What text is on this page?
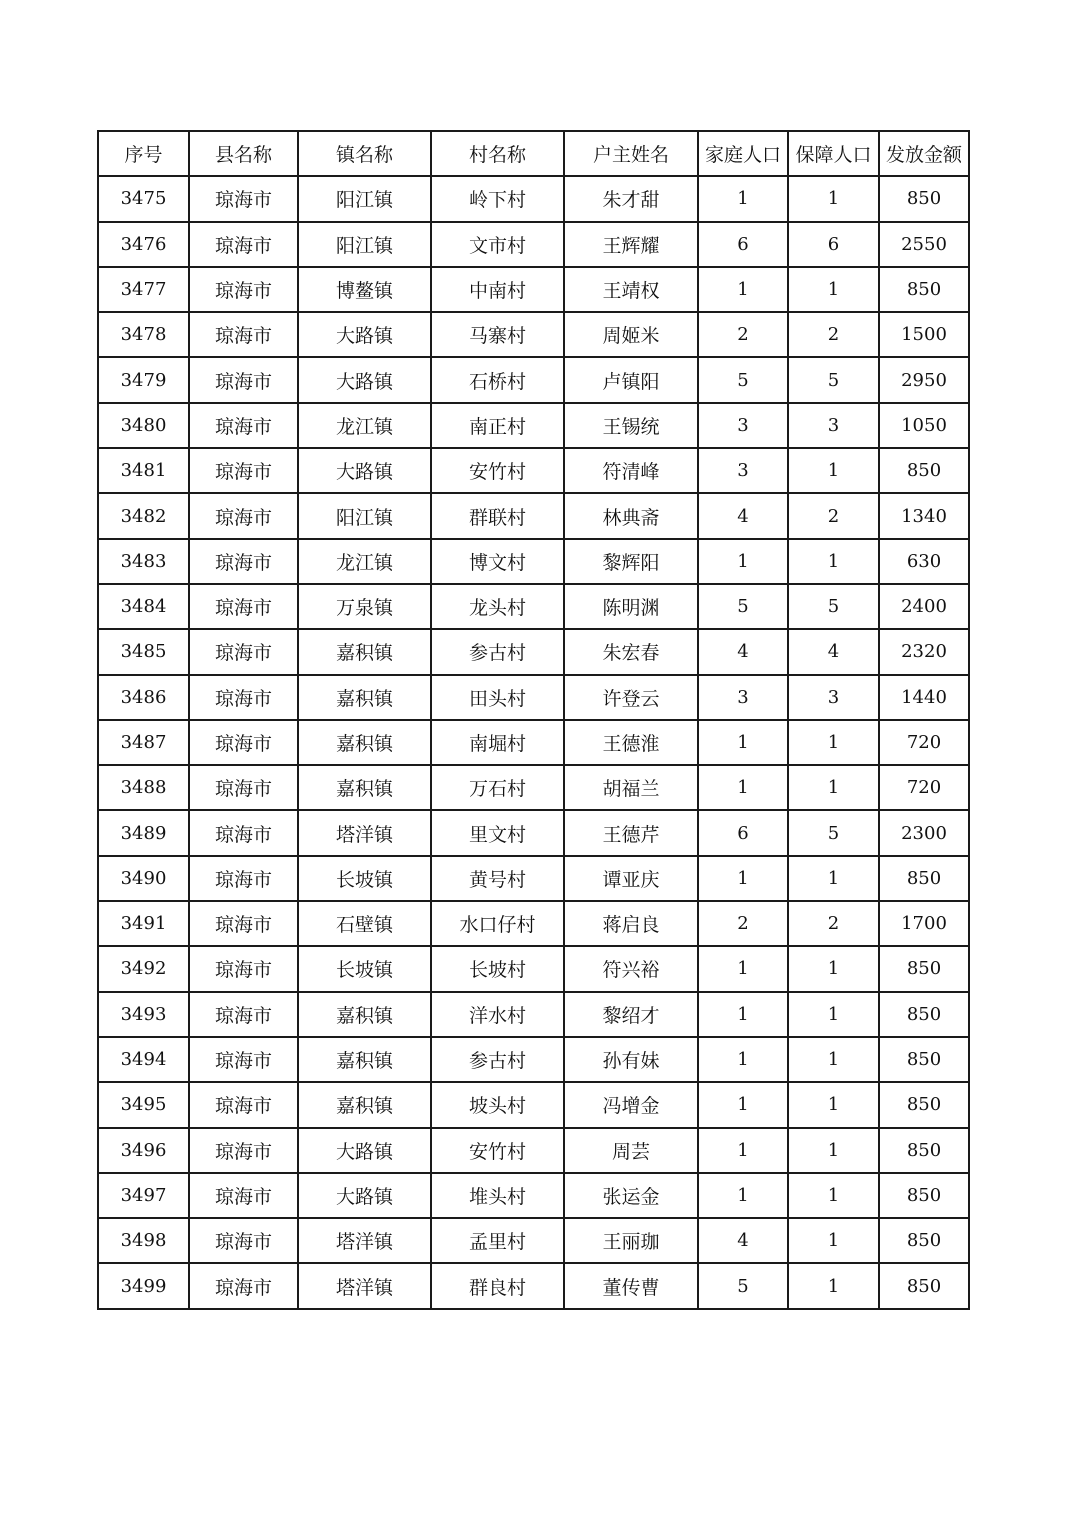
序号	县名称	镇名称	村名称	户主姓名	家庭人口	保障人口	发放金额
3475	琼海市	阳江镇	岭下村	朱才甜	1	1	850
3476	琼海市	阳江镇	文市村	王辉耀	6	6	2550
3477	琼海市	博鳌镇	中南村	王靖权	1	1	850
3478	琼海市	大路镇	马寨村	周姬米	2	2	1500
3479	琼海市	大路镇	石桥村	卢镇阳	5	5	2950
3480	琼海市	龙江镇	南正村	王锡统	3	3	1050
3481	琼海市	大路镇	安竹村	符清峰	3	1	850
3482	琼海市	阳江镇	群联村	林典斋	4	2	1340
3483	琼海市	龙江镇	博文村	黎辉阳	1	1	630
3484	琼海市	万泉镇	龙头村	陈明渊	5	5	2400
3485	琼海市	嘉积镇	参古村	朱宏春	4	4	2320
3486	琼海市	嘉积镇	田头村	许登云	3	3	1440
3487	琼海市	嘉积镇	南堀村	王德淮	1	1	720
3488	琼海市	嘉积镇	万石村	胡福兰	1	1	720
3489	琼海市	塔洋镇	里文村	王德芹	6	5	2300
3490	琼海市	长坡镇	黄号村	谭亚庆	1	1	850
3491	琼海市	石壁镇	水口仔村	蒋启良	2	2	1700
3492	琼海市	长坡镇	长坡村	符兴裕	1	1	850
3493	琼海市	嘉积镇	洋水村	黎绍才	1	1	850
3494	琼海市	嘉积镇	参古村	孙有妹	1	1	850
3495	琼海市	嘉积镇	坡头村	冯增金	1	1	850
3496	琼海市	大路镇	安竹村	周芸	1	1	850
3497	琼海市	大路镇	堆头村	张运金	1	1	850
3498	琼海市	塔洋镇	孟里村	王丽珈	4	1	850
3499	琼海市	塔洋镇	群良村	董传曹	5	1	850
